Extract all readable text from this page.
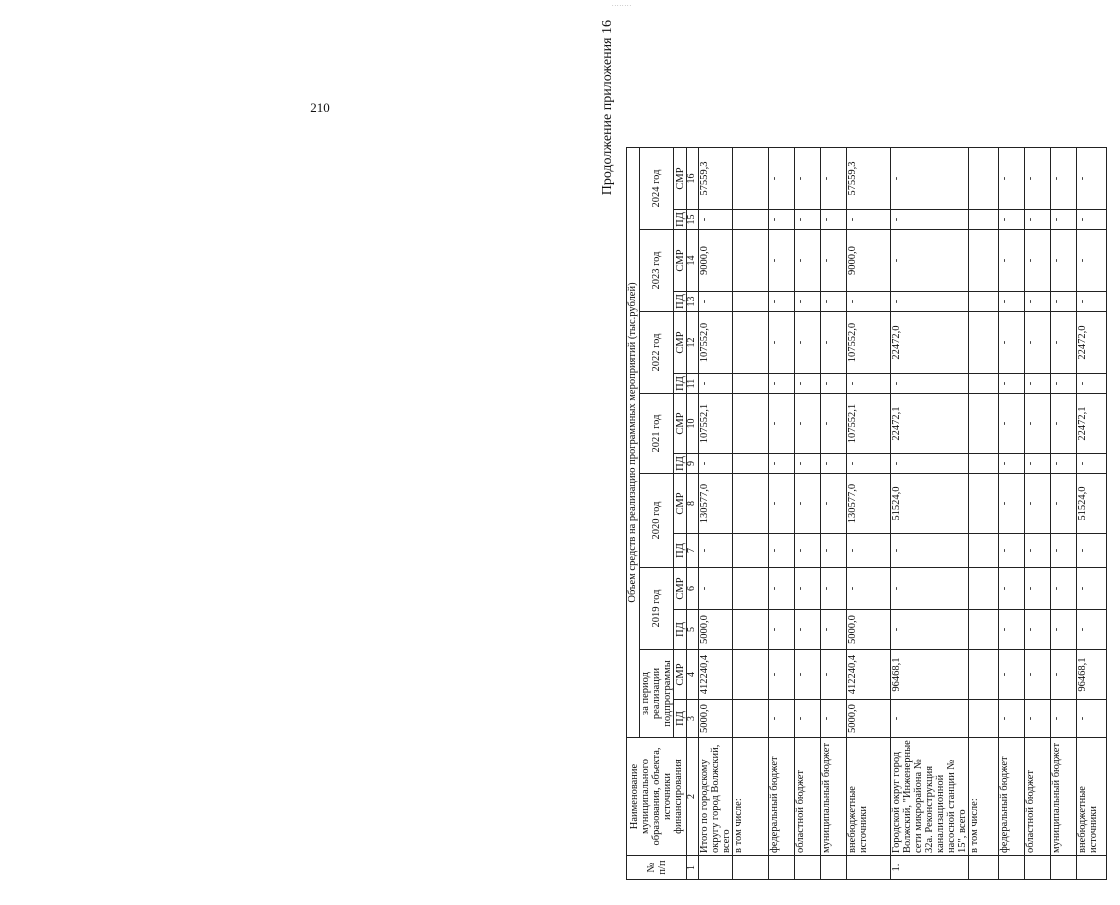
210
........
Продолжение приложения 16
№ п/п	Наименование муниципального образования, объекта, источники финансирования	Объем средств на реализацию программных мероприятий (тыс.рублей)													
		за период реализации подпрограммы		2019 год		2020 год		2021 год		2022 год		2023 год		2024 год	
		ПД	СМР	ПД	СМР	ПД	СМР	ПД	СМР	ПД	СМР	ПД	СМР	ПД	СМР
1	2	3	4	5	6	7	8	9	10	11	12	13	14	15	16
	Итого по городскому округу город Волжский, всего	5000,0	412240,4	5000,0	-	-	130577,0	-	107552,1	-	107552,0	-	9000,0	-	57559,3
	в том числе:														
	федеральный бюджет	-	-	-	-	-	-	-	-	-	-	-	-	-	-
	областной бюджет	-	-	-	-	-	-	-	-	-	-	-	-	-	-
	муниципальный бюджет	-	-	-	-	-	-	-	-	-	-	-	-	-	-
	внебюджетные источники	5000,0	412240,4	5000,0	-	-	130577,0	-	107552,1	-	107552,0	-	9000,0	-	57559,3
1.	Городской округ город Волжский, "Инженерные сети микрорайона № 32а. Реконструкция канализационной насосной станции № 15", всего	-	96468,1	-	-	-	51524,0	-	22472,1	-	22472,0	-	-	-	-
	в том числе:														
	федеральный бюджет	-	-	-	-	-	-	-	-	-	-	-	-	-	-
	областной бюджет	-	-	-	-	-	-	-	-	-	-	-	-	-	-
	муниципальный бюджет	-	-	-	-	-	-	-	-	-	-	-	-	-	-
	внебюджетные источники	-	96468,1	-	-	-	51524,0	-	22472,1	-	22472,0	-	-	-	-
